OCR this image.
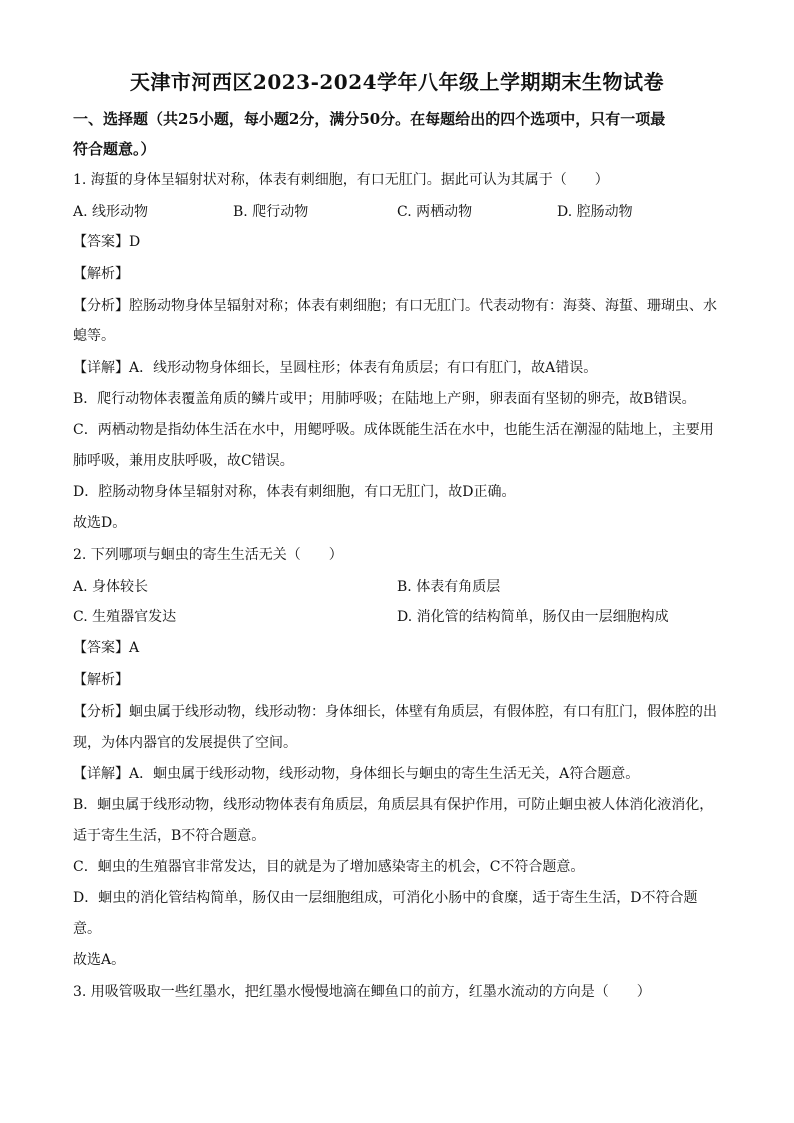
天津市河西区2023-2024学年八年级上学期期末生物试卷
一、选择题（共25小题，每小题2分，满分50分。在每题给出的四个选项中，只有一项最
符合题意。）
1. 海蜇的身体呈辐射状对称，体表有刺细胞，有口无肛门。据此可认为其属于（　　）
A. 线形动物	B. 爬行动物	C. 两栖动物	D. 腔肠动物
【答案】D
【解析】
【分析】腔肠动物身体呈辐射对称；体表有刺细胞；有口无肛门。代表动物有：海葵、海蜇、珊瑚虫、水
螅等。
【详解】A．线形动物身体细长，呈圆柱形；体表有角质层；有口有肛门，故A错误。
B．爬行动物体表覆盖角质的鳞片或甲；用肺呼吸；在陆地上产卵，卵表面有坚韧的卵壳，故B错误。
C．两栖动物是指幼体生活在水中，用鳃呼吸。成体既能生活在水中，也能生活在潮湿的陆地上，主要用
肺呼吸，兼用皮肤呼吸，故C错误。
D．腔肠动物身体呈辐射对称，体表有刺细胞，有口无肛门，故D正确。
故选D。
2. 下列哪项与蛔虫的寄生生活无关（　　）
A. 身体较长	B. 体表有角质层
C. 生殖器官发达	D. 消化管的结构简单，肠仅由一层细胞构成
【答案】A
【解析】
【分析】蛔虫属于线形动物，线形动物：身体细长，体壁有角质层，有假体腔，有口有肛门，假体腔的出
现，为体内器官的发展提供了空间。
【详解】A．蛔虫属于线形动物，线形动物，身体细长与蛔虫的寄生生活无关，A符合题意。
B．蛔虫属于线形动物，线形动物体表有角质层，角质层具有保护作用，可防止蛔虫被人体消化液消化，
适于寄生生活，B不符合题意。
C．蛔虫的生殖器官非常发达，目的就是为了增加感染寄主的机会，C不符合题意。
D．蛔虫的消化管结构简单，肠仅由一层细胞组成，可消化小肠中的食糜，适于寄生生活，D不符合题
意。
故选A。
3. 用吸管吸取一些红墨水，把红墨水慢慢地滴在鲫鱼口的前方，红墨水流动的方向是（　　）
